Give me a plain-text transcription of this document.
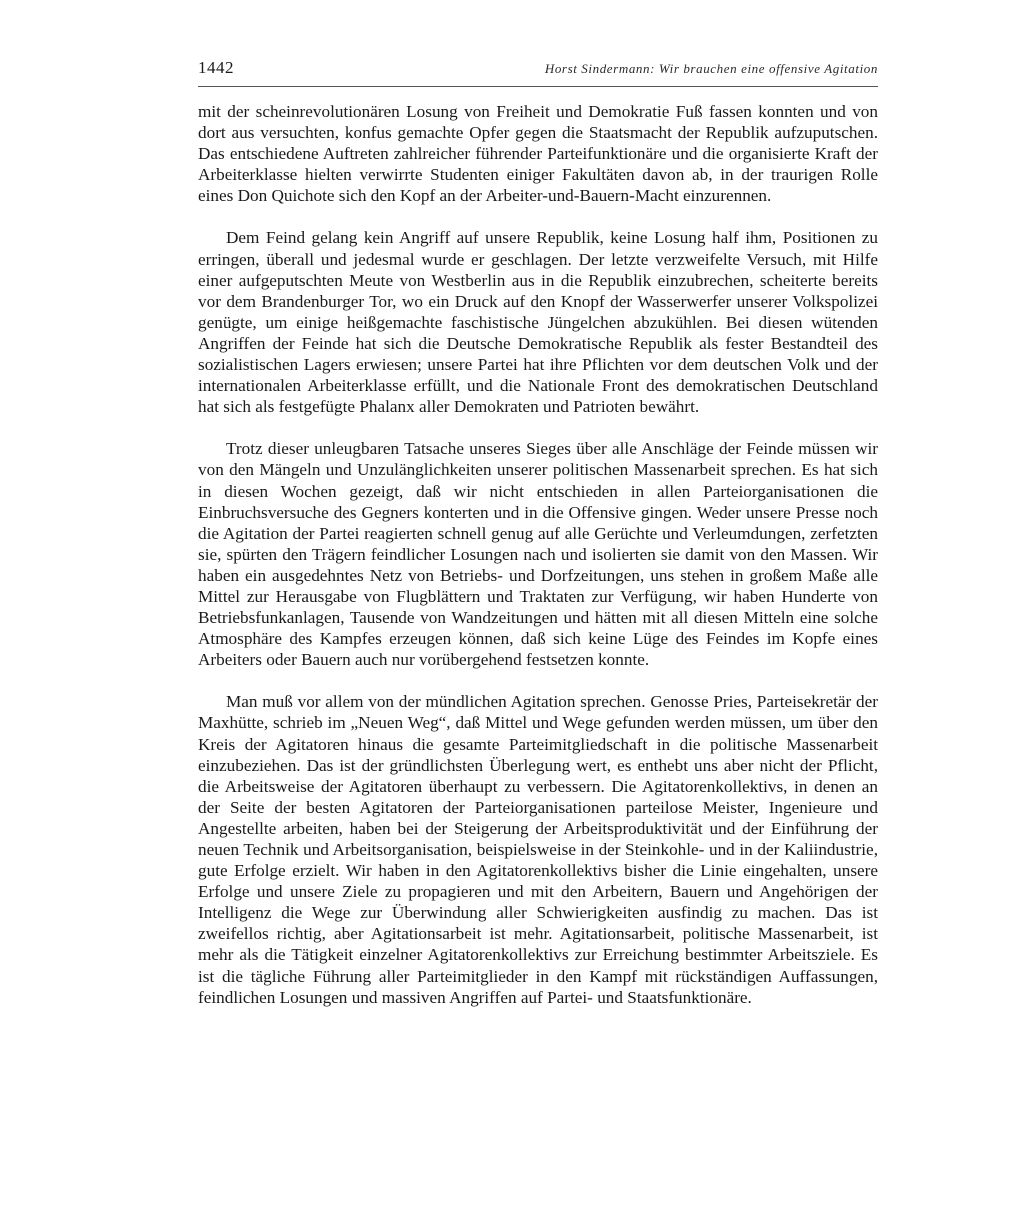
1442	Horst Sindermann: Wir brauchen eine offensive Agitation

mit der scheinrevolutionären Losung von Freiheit und Demokratie Fuß fassen konnten und von dort aus versuchten, konfus gemachte Opfer gegen die Staatsmacht der Republik aufzuputschen. Das entschiedene Auftreten zahlreicher führender Parteifunktionäre und die organisierte Kraft der Arbeiterklasse hielten verwirrte Studenten einiger Fakultäten davon ab, in der traurigen Rolle eines Don Quichote sich den Kopf an der Arbeiter-und-Bauern-Macht einzurennen.

Dem Feind gelang kein Angriff auf unsere Republik, keine Losung half ihm, Positionen zu erringen, überall und jedesmal wurde er geschlagen. Der letzte verzweifelte Versuch, mit Hilfe einer aufgeputschten Meute von Westberlin aus in die Republik einzubrechen, scheiterte bereits vor dem Brandenburger Tor, wo ein Druck auf den Knopf der Wasserwerfer unserer Volkspolizei genügte, um einige heißgemachte faschistische Jüngelchen abzukühlen. Bei diesen wütenden Angriffen der Feinde hat sich die Deutsche Demokratische Republik als fester Bestandteil des sozialistischen Lagers erwiesen; unsere Partei hat ihre Pflichten vor dem deutschen Volk und der internationalen Arbeiterklasse erfüllt, und die Nationale Front des demokratischen Deutschland hat sich als festgefügte Phalanx aller Demokraten und Patrioten bewährt.

Trotz dieser unleugbaren Tatsache unseres Sieges über alle Anschläge der Feinde müssen wir von den Mängeln und Unzulänglichkeiten unserer politischen Massenarbeit sprechen. Es hat sich in diesen Wochen gezeigt, daß wir nicht entschieden in allen Parteiorganisationen die Einbruchsversuche des Gegners konterten und in die Offensive gingen. Weder unsere Presse noch die Agitation der Partei reagierten schnell genug auf alle Gerüchte und Verleumdungen, zerfetzten sie, spürten den Trägern feindlicher Losungen nach und isolierten sie damit von den Massen. Wir haben ein ausgedehntes Netz von Betriebs- und Dorfzeitungen, uns stehen in großem Maße alle Mittel zur Herausgabe von Flugblättern und Traktaten zur Verfügung, wir haben Hunderte von Betriebsfunkanlagen, Tausende von Wandzeitungen und hätten mit all diesen Mitteln eine solche Atmosphäre des Kampfes erzeugen können, daß sich keine Lüge des Feindes im Kopfe eines Arbeiters oder Bauern auch nur vorübergehend festsetzen konnte.

Man muß vor allem von der mündlichen Agitation sprechen. Genosse Pries, Parteisekretär der Maxhütte, schrieb im „Neuen Weg“, daß Mittel und Wege gefunden werden müssen, um über den Kreis der Agitatoren hinaus die gesamte Parteimitgliedschaft in die politische Massenarbeit einzubeziehen. Das ist der gründlichsten Überlegung wert, es enthebt uns aber nicht der Pflicht, die Arbeitsweise der Agitatoren überhaupt zu verbessern. Die Agitatorenkollektivs, in denen an der Seite der besten Agitatoren der Parteiorganisationen parteilose Meister, Ingenieure und Angestellte arbeiten, haben bei der Steigerung der Arbeitsproduktivität und der Einführung der neuen Technik und Arbeitsorganisation, beispielsweise in der Steinkohle- und in der Kaliindustrie, gute Erfolge erzielt. Wir haben in den Agitatorenkollektivs bisher die Linie eingehalten, unsere Erfolge und unsere Ziele zu propagieren und mit den Arbeitern, Bauern und Angehörigen der Intelligenz die Wege zur Überwindung aller Schwierigkeiten ausfindig zu machen. Das ist zweifellos richtig, aber Agitationsarbeit ist mehr. Agitationsarbeit, politische Massenarbeit, ist mehr als die Tätigkeit einzelner Agitatorenkollektivs zur Erreichung bestimmter Arbeitsziele. Es ist die tägliche Führung aller Parteimitglieder in den Kampf mit rückständigen Auffassungen, feindlichen Losungen und massiven Angriffen auf Partei- und Staatsfunktionäre.
